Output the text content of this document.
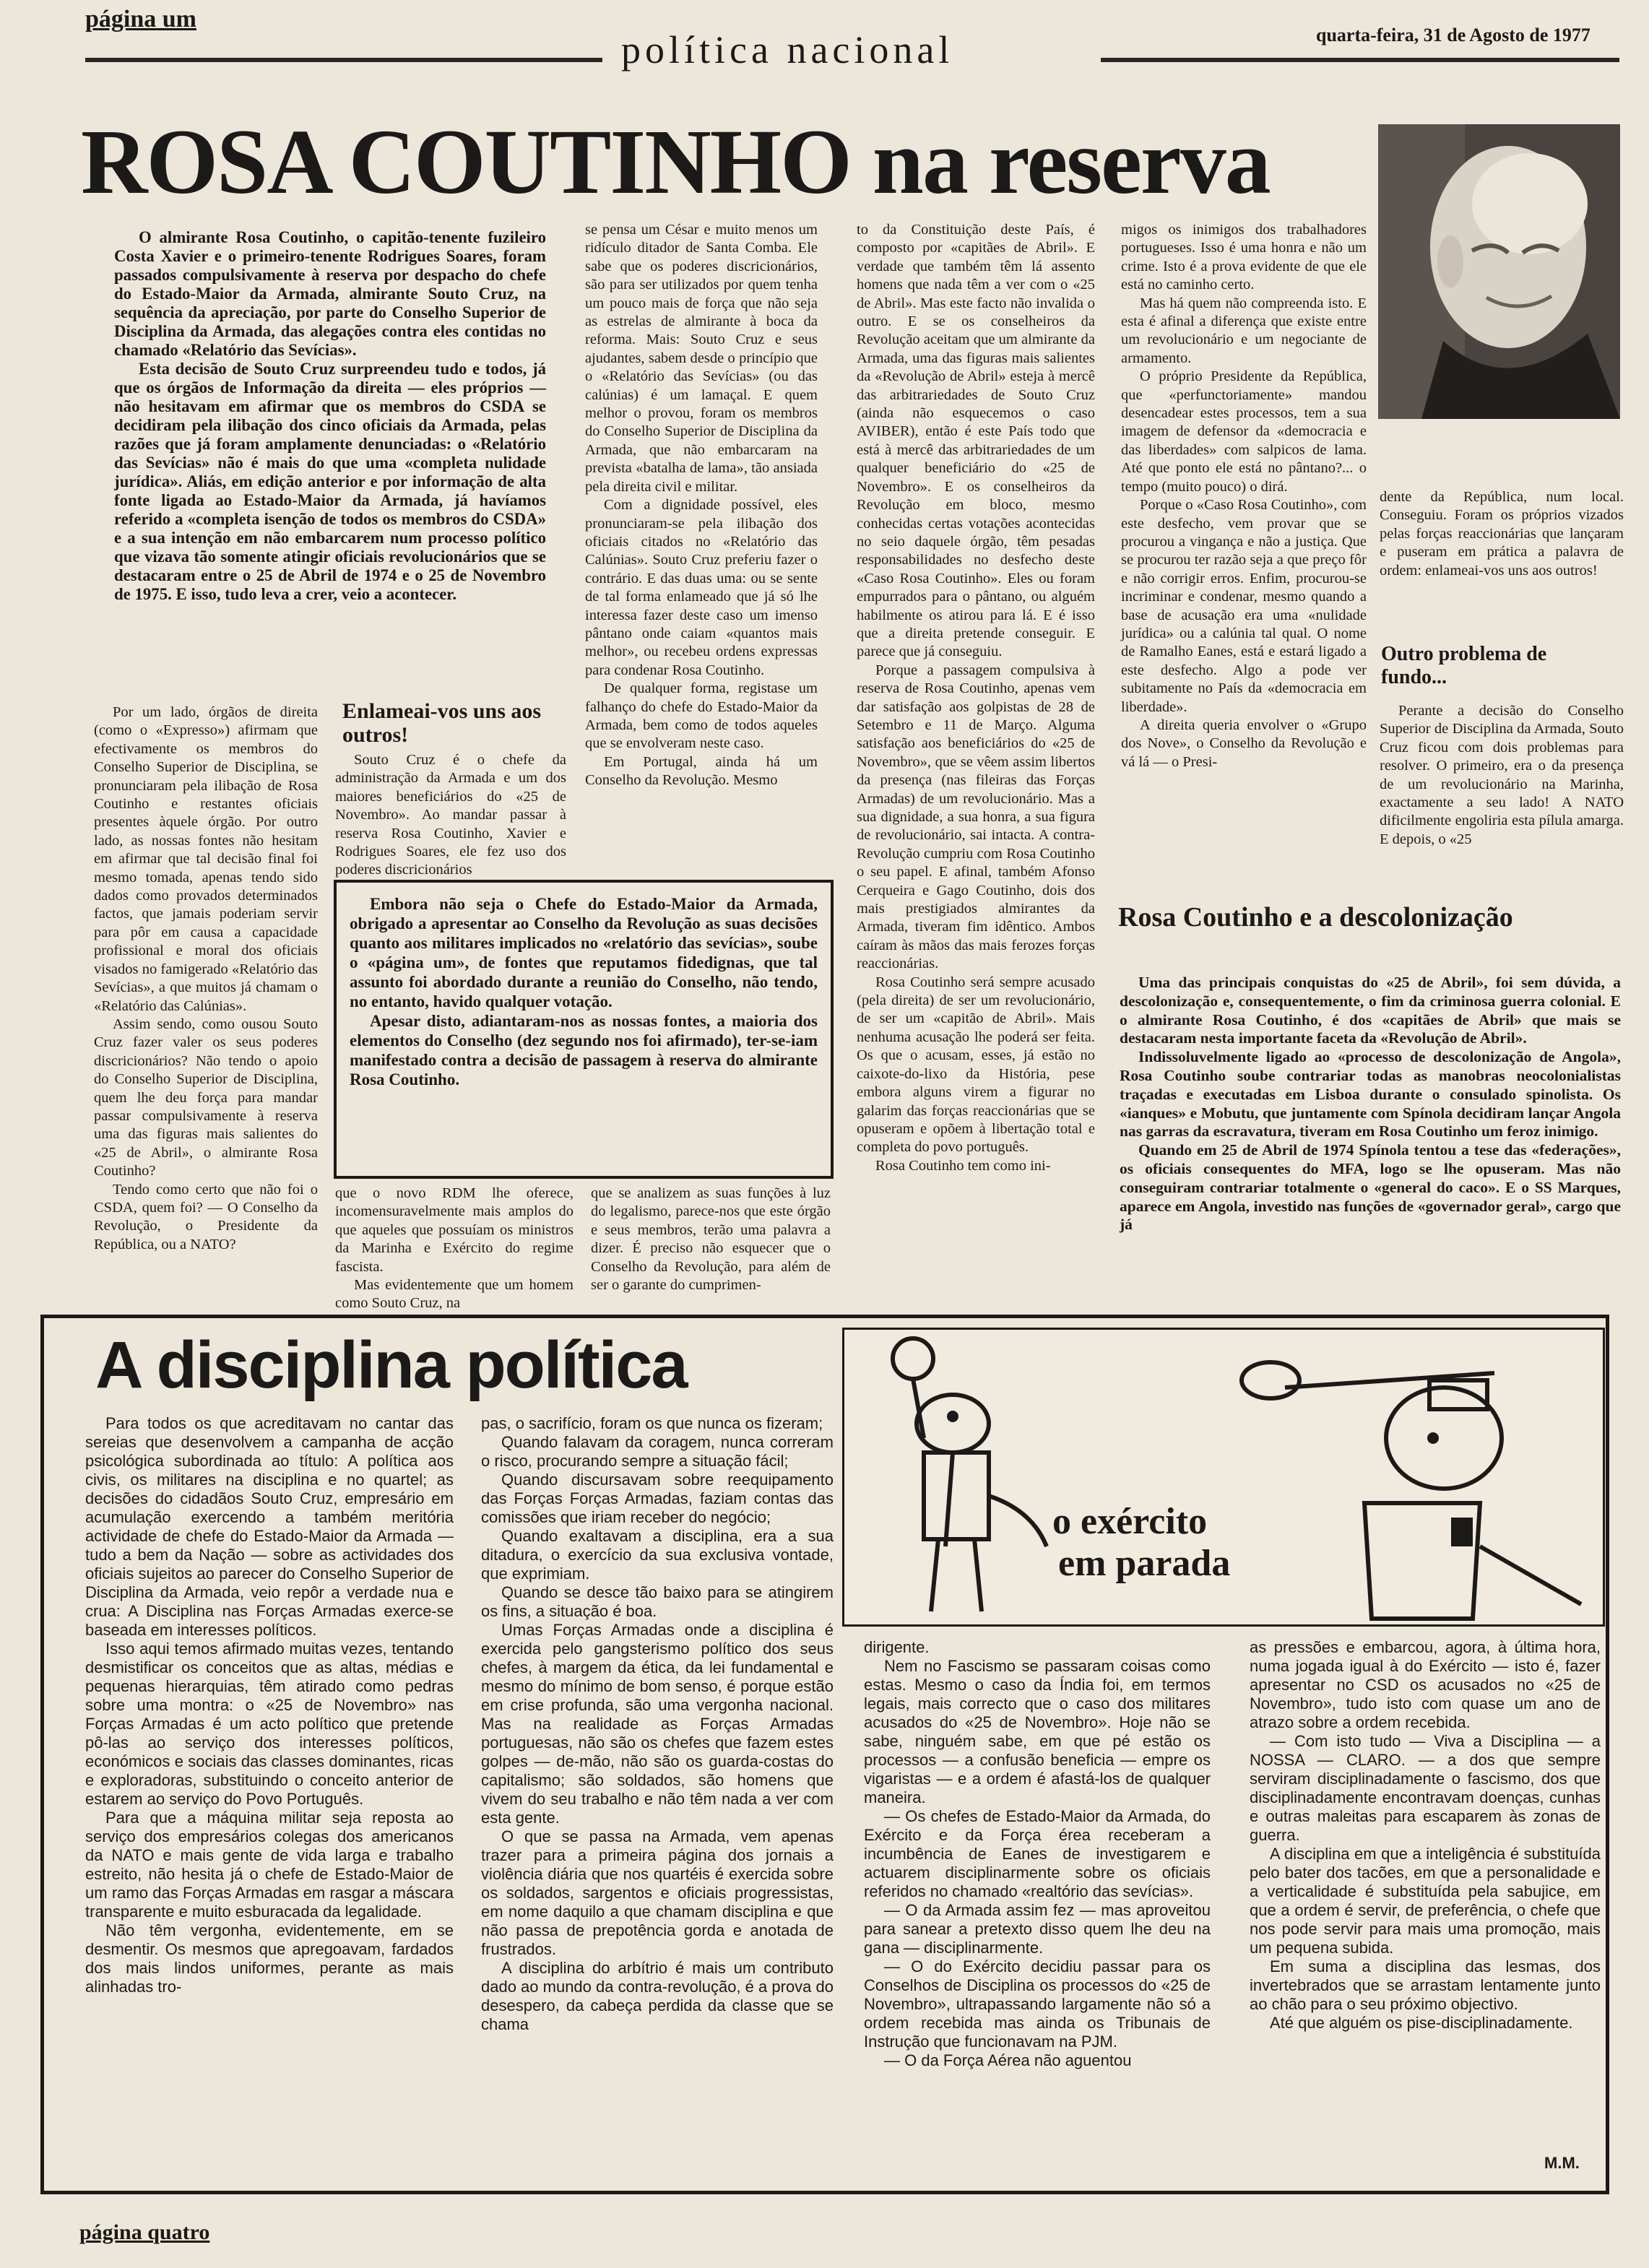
página um
política nacional	quarta-feira, 31 de Agosto de 1977
ROSA COUTINHO na reserva

O almirante Rosa Coutinho, o capitão-tenente fuzileiro Costa Xavier e o primeiro-tenente Rodrigues Soares, foram passados compulsivamente à reserva por despacho do chefe do Estado-Maior da Armada, almirante Souto Cruz, na sequência da apreciação, por parte do Conselho Superior de Disciplina da Armada, das alegações contra eles contidas no chamado «Relatório das Sevícias».

Esta decisão de Souto Cruz surpreendeu tudo e todos, já que os órgãos de Informação da direita ― eles próprios ― não hesitavam em afirmar que os membros do CSDA se decidiram pela ilibação dos cinco oficiais da Armada, pelas razões que já foram amplamente denunciadas: o «Relatório das Sevícias» não é mais do que uma «completa nulidade jurídica». Aliás, em edição anterior e por informação de alta fonte ligada ao Estado-Maior da Armada, já havíamos referido a «completa isenção de todos os membros do CSDA» e a sua intenção em não embarcarem num processo político que vizava tão somente atingir oficiais revolucionários que se destacaram entre o 25 de Abril de 1974 e o 25 de Novembro de 1975. E isso, tudo leva a crer, veio a acontecer.

Por um lado, órgãos de direita (como o «Expresso») afirmam que efectivamente os membros do Conselho Superior de Disciplina, se pronunciaram pela ilibação de Rosa Coutinho e restantes oficiais presentes àquele órgão. Por outro lado, as nossas fontes não hesitam em afirmar que tal decisão final foi mesmo tomada, apenas tendo sido dados como provados determinados factos, que jamais poderiam servir para pôr em causa a capacidade profissional e moral dos oficiais visados no famigerado «Relatório das Sevícias», a que muitos já chamam o «Relatório das Calúnias».

Assim sendo, como ousou Souto Cruz fazer valer os seus poderes discricionários? Não tendo o apoio do Conselho Superior de Disciplina, quem lhe deu força para mandar passar compulsivamente à reserva uma das figuras mais salientes do «25 de Abril», o almirante Rosa Coutinho?

Tendo como certo que não foi o CSDA, quem foi? ― O Conselho da Revolução, o Presidente da República, ou a NATO?

se pensa um César e muito menos um ridículo ditador de Santa Comba. Ele sabe que os poderes discricionários, são para ser utilizados por quem tenha um pouco mais de força que não seja as estrelas de almirante à boca da reforma. Mais: Souto Cruz e seus ajudantes, sabem desde o princípio que o «Relatório das Sevícias» (ou das calúnias) é um lamaçal. E quem melhor o provou, foram os membros do Conselho Superior de Disciplina da Armada, que não embarcaram na prevista «batalha de lama», tão ansiada pela direita civil e militar.

Com a dignidade possível, eles pronunciaram-se pela ilibação dos oficiais citados no «Relatório das Calúnias». Souto Cruz preferiu fazer o contrário. E das duas uma: ou se sente de tal forma enlameado que já só lhe interessa fazer deste caso um imenso pântano onde caiam «quantos mais melhor», ou recebeu ordens expressas para condenar Rosa Coutinho.

De qualquer forma, registase um falhanço do chefe do Estado-Maior da Armada, bem como de todos aqueles que se envolveram neste caso.

Em Portugal, ainda há um Conselho da Revolução. Mesmo

Enlameai-vos uns aos outros!

Souto Cruz é o chefe da administração da Armada e um dos maiores beneficiários do «25 de Novembro». Ao mandar passar à reserva Rosa Coutinho, Xavier e Rodrigues Soares, ele fez uso dos poderes discricionários

to da Constituição deste País, é composto por «capitães de Abril». E verdade que também têm lá assento homens que nada têm a ver com o «25 de Abril». Mas este facto não invalida o outro. E se os conselheiros da Revolução aceitam que um almirante da Armada, uma das figuras mais salientes da «Revolução de Abril» esteja à mercê das arbitrariedades de Souto Cruz (ainda não esquecemos o caso AVIBER), então é este País todo que está à mercê das arbitrariedades de um qualquer beneficiário do «25 de Novembro». E os conselheiros da Revolução em bloco, mesmo conhecidas certas votações acontecidas no seio daquele órgão, têm pesadas responsabilidades no desfecho deste «Caso Rosa Coutinho». Eles ou foram empurrados para o pântano, ou alguém habilmente os atirou para lá. E é isso que a direita pretende conseguir. E parece que já conseguiu.

Porque a passagem compulsiva à reserva de Rosa Coutinho, apenas vem dar satisfação aos golpistas de 28 de Setembro e 11 de Março. Alguma satisfação aos beneficiários do «25 de Novembro», que se vêem assim libertos da presença (nas fileiras das Forças Armadas) de um revolucionário. Mas a sua dignidade, a sua honra, a sua figura de revolucionário, sai intacta. A contra-Revolução cumpriu com Rosa Coutinho o seu papel. E afinal, também Afonso Cerqueira e Gago Coutinho, dois dos mais prestigiados almirantes da Armada, tiveram fim idêntico. Ambos caíram às mãos das mais ferozes forças reaccionárias.

Rosa Coutinho será sempre acusado (pela direita) de ser um revolucionário, de ser um «capitão de Abril». Mais nenhuma acusação lhe poderá ser feita. Os que o acusam, esses, já estão no caixote-do-lixo da História, pese embora alguns virem a figurar no galarim das forças reaccionárias que se opuseram e opõem à libertação total e completa do povo português.

Rosa Coutinho tem como ini-

migos os inimigos dos trabalhadores portugueses. Isso é uma honra e não um crime. Isto é a prova evidente de que ele está no caminho certo.

Mas há quem não compreenda isto. E esta é afinal a diferença que existe entre um revolucionário e um negociante de armamento.

O próprio Presidente da República, que «perfunctoriamente» mandou desencadear estes processos, tem a sua imagem de defensor da «democracia e das liberdades» com salpicos de lama. Até que ponto ele está no pântano?... o tempo (muito pouco) o dirá.

Porque o «Caso Rosa Coutinho», com este desfecho, vem provar que se procurou a vingança e não a justiça. Que se procurou ter razão seja a que preço fôr e não corrigir erros. Enfim, procurou-se incriminar e condenar, mesmo quando a base de acusação era uma «nulidade jurídica» ou a calúnia tal qual. O nome de Ramalho Eanes, está e estará ligado a este desfecho. Algo a pode ver subitamente no País da «democracia em liberdade».

A direita queria envolver o «Grupo dos Nove», o Conselho da Revolução e vá lá ― o Presi-

dente da República, num local. Conseguiu. Foram os próprios vizados pelas forças reaccionárias que lançaram e puseram em prática a palavra de ordem: enlameai-vos uns aos outros!

Outro problema de fundo...

Perante a decisão do Conselho Superior de Disciplina da Armada, Souto Cruz ficou com dois problemas para resolver. O primeiro, era o da presença de um revolucionário na Marinha, exactamente a seu lado! A NATO dificilmente engoliria esta pílula amarga. E depois, o «25

Embora não seja o Chefe do Estado-Maior da Armada, obrigado a apresentar ao Conselho da Revolução as suas decisões quanto aos militares implicados no «relatório das sevícias», soube o «página um», de fontes que reputamos fidedignas, que tal assunto foi abordado durante a reunião do Conselho, não tendo, no entanto, havido qualquer votação.

Apesar disto, adiantaram-nos as nossas fontes, a maioria dos elementos do Conselho (dez segundo nos foi afirmado), ter-se-iam manifestado contra a decisão de passagem à reserva do almirante Rosa Coutinho.

que o novo RDM lhe oferece, incomensuravelmente mais amplos do que aqueles que possuíam os ministros da Marinha e Exército do regime fascista.

Mas evidentemente que um homem como Souto Cruz, na

que se analizem as suas funções à luz do legalismo, parece-nos que este órgão e seus membros, terão uma palavra a dizer. É preciso não esquecer que o Conselho da Revolução, para além de ser o garante do cumprimen-

Rosa Coutinho e a descolonização

Uma das principais conquistas do «25 de Abril», foi sem dúvida, a descolonização e, consequentemente, o fim da criminosa guerra colonial. E o almirante Rosa Coutinho, é dos «capitães de Abril» que mais se destacaram nesta importante faceta da «Revolução de Abril».

Indissoluvelmente ligado ao «processo de descolonização de Angola», Rosa Coutinho soube contrariar todas as manobras neocolonialistas traçadas e executadas em Lisboa durante o consulado spinolista. Os «ianques» e Mobutu, que juntamente com Spínola decidiram lançar Angola nas garras da escravatura, tiveram em Rosa Coutinho um feroz inimigo.

Quando em 25 de Abril de 1974 Spínola tentou a tese das «federações», os oficiais consequentes do MFA, logo se lhe opuseram. Mas não conseguiram contrariar totalmente o «general do caco». E o SS Marques, aparece em Angola, investido nas funções de «governador geral», cargo que já

A disciplina política
o exército
em parada

Para todos os que acreditavam no cantar das sereias que desenvolvem a campanha de acção psicológica subordinada ao título: A política aos civis, os militares na disciplina e no quartel; as decisões do cidadãos Souto Cruz, empresário em acumulação exercendo a também meritória actividade de chefe do Estado-Maior da Armada ― tudo a bem da Nação ― sobre as actividades dos oficiais sujeitos ao parecer do Conselho Superior de Disciplina da Armada, veio repôr a verdade nua e crua: A Disciplina nas Forças Armadas exerce-se baseada em interesses políticos.

Isso aqui temos afirmado muitas vezes, tentando desmistificar os conceitos que as altas, médias e pequenas hierarquias, têm atirado como pedras sobre uma montra: o «25 de Novembro» nas Forças Armadas é um acto político que pretende pô-las ao serviço dos interesses políticos, económicos e sociais das classes dominantes, ricas e exploradoras, substituindo o conceito anterior de estarem ao serviço do Povo Português.

Para que a máquina militar seja reposta ao serviço dos empresários colegas dos americanos da NATO e mais gente de vida larga e trabalho estreito, não hesita já o chefe de Estado-Maior de um ramo das Forças Armadas em rasgar a máscara transparente e muito esburacada da legalidade.

Não têm vergonha, evidentemente, em se desmentir. Os mesmos que apregoavam, fardados dos mais lindos uniformes, perante as mais alinhadas tro-

pas, o sacrifício, foram os que nunca os fizeram;

Quando falavam da coragem, nunca correram o risco, procurando sempre a situação fácil;

Quando discursavam sobre reequipamento das Forças Forças Armadas, faziam contas das comissões que iriam receber do negócio;

Quando exaltavam a disciplina, era a sua ditadura, o exercício da sua exclusiva vontade, que exprimiam.

Quando se desce tão baixo para se atingirem os fins, a situação é boa.

Umas Forças Armadas onde a disciplina é exercida pelo gangsterismo político dos seus chefes, à margem da ética, da lei fundamental e mesmo do mínimo de bom senso, é porque estão em crise profunda, são uma vergonha nacional. Mas na realidade as Forças Armadas portuguesas, não são os chefes que fazem estes golpes ― de-mão, não são os guarda-costas do capitalismo; são soldados, são homens que vivem do seu trabalho e não têm nada a ver com esta gente.

O que se passa na Armada, vem apenas trazer para a primeira página dos jornais a violência diária que nos quartéis é exercida sobre os soldados, sargentos e oficiais progressistas, em nome daquilo a que chamam disciplina e que não passa de prepotência gorda e anotada de frustrados.

A disciplina do arbítrio é mais um contributo dado ao mundo da contra-revolução, é a prova do desespero, da cabeça perdida da classe que se chama

dirigente.

Nem no Fascismo se passaram coisas como estas. Mesmo o caso da Índia foi, em termos legais, mais correcto que o caso dos militares acusados do «25 de Novembro». Hoje não se sabe, ninguém sabe, em que pé estão os processos ― a confusão beneficia ― empre os vigaristas ― e a ordem é afastá-los de qualquer maneira.

― Os chefes de Estado-Maior da Armada, do Exército e da Força érea receberam a incumbência de Eanes de investigarem e actuarem disciplinarmente sobre os oficiais referidos no chamado «realtório das sevícias».

― O da Armada assim fez ― mas aproveitou para sanear a pretexto disso quem lhe deu na gana ― disciplinarmente.

― O do Exército decidiu passar para os Conselhos de Disciplina os processos do «25 de Novembro», ultrapassando largamente não só a ordem recebida mas ainda os Tribunais de Instrução que funcionavam na PJM.

― O da Força Aérea não aguentou

as pressões e embarcou, agora, à última hora, numa jogada igual à do Exército ― isto é, fazer apresentar no CSD os acusados no «25 de Novembro», tudo isto com quase um ano de atrazo sobre a ordem recebida.

― Com isto tudo ― Viva a Disciplina ― a NOSSA ― CLARO. ― a dos que sempre serviram disciplinadamente o fascismo, dos que disciplinadamente encontravam doenças, cunhas e outras maleitas para escaparem às zonas de guerra.

A disciplina em que a inteligência é substituída pelo bater dos tacões, em que a personalidade e a verticalidade é substituída pela sabujice, em que a ordem é servir, de preferência, o chefe que nos pode servir para mais uma promoção, mais um pequena subida.

Em suma a disciplina das lesmas, dos invertebrados que se arrastam lentamente junto ao chão para o seu próximo objectivo.

Até que alguém os pise-disciplinadamente.

M.M.
página quatro
